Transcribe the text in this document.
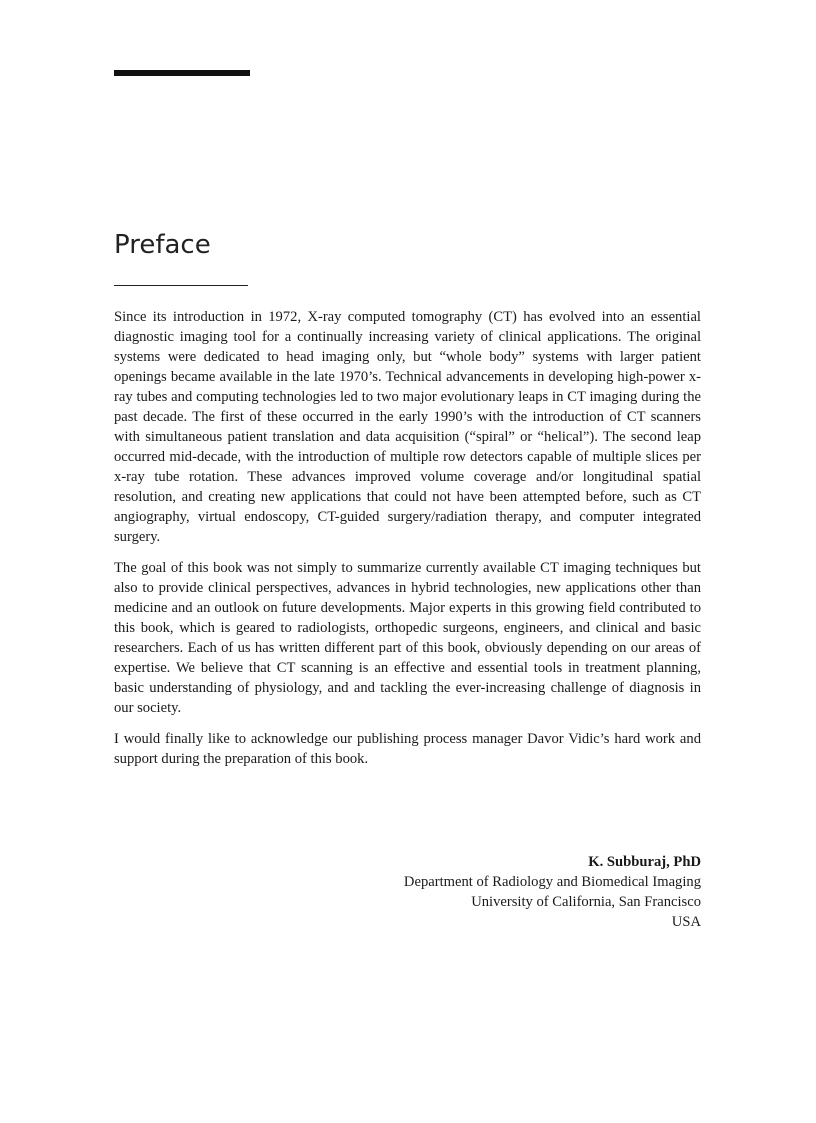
Preface

Since its introduction in 1972, X-ray computed tomography (CT) has evolved into an essential diagnostic imaging tool for a continually increasing variety of clinical applications. The original systems were dedicated to head imaging only, but “whole body” systems with larger patient openings became available in the late 1970’s. Technical advancements in developing high-power x-ray tubes and computing technologies led to two major evolutionary leaps in CT imaging during the past decade. The first of these occurred in the early 1990’s with the introduction of CT scanners with simultaneous patient translation and data acquisition (“spiral” or “helical”). The second leap occurred mid-decade, with the introduction of multiple row detectors capable of multiple slices per x-ray tube rotation. These advances improved volume coverage and/or longitudinal spatial resolution, and creating new applications that could not have been attempted before, such as CT angiography, virtual endoscopy, CT-guided surgery/radiation therapy, and computer integrated surgery.

The goal of this book was not simply to summarize currently available CT imaging techniques but also to provide clinical perspectives, advances in hybrid technologies, new applications other than medicine and an outlook on future developments. Major experts in this growing field contributed to this book, which is geared to radiologists, orthopedic surgeons, engineers, and clinical and basic researchers. Each of us has written different part of this book, obviously depending on our areas of expertise. We believe that CT scanning is an effective and essential tools in treatment planning, basic understanding of physiology, and and tackling the ever-increasing challenge of diagnosis in our society.

I would finally like to acknowledge our publishing process manager Davor Vidic’s hard work and support during the preparation of this book.

K. Subburaj, PhD
Department of Radiology and Biomedical Imaging
University of California, San Francisco
USA
